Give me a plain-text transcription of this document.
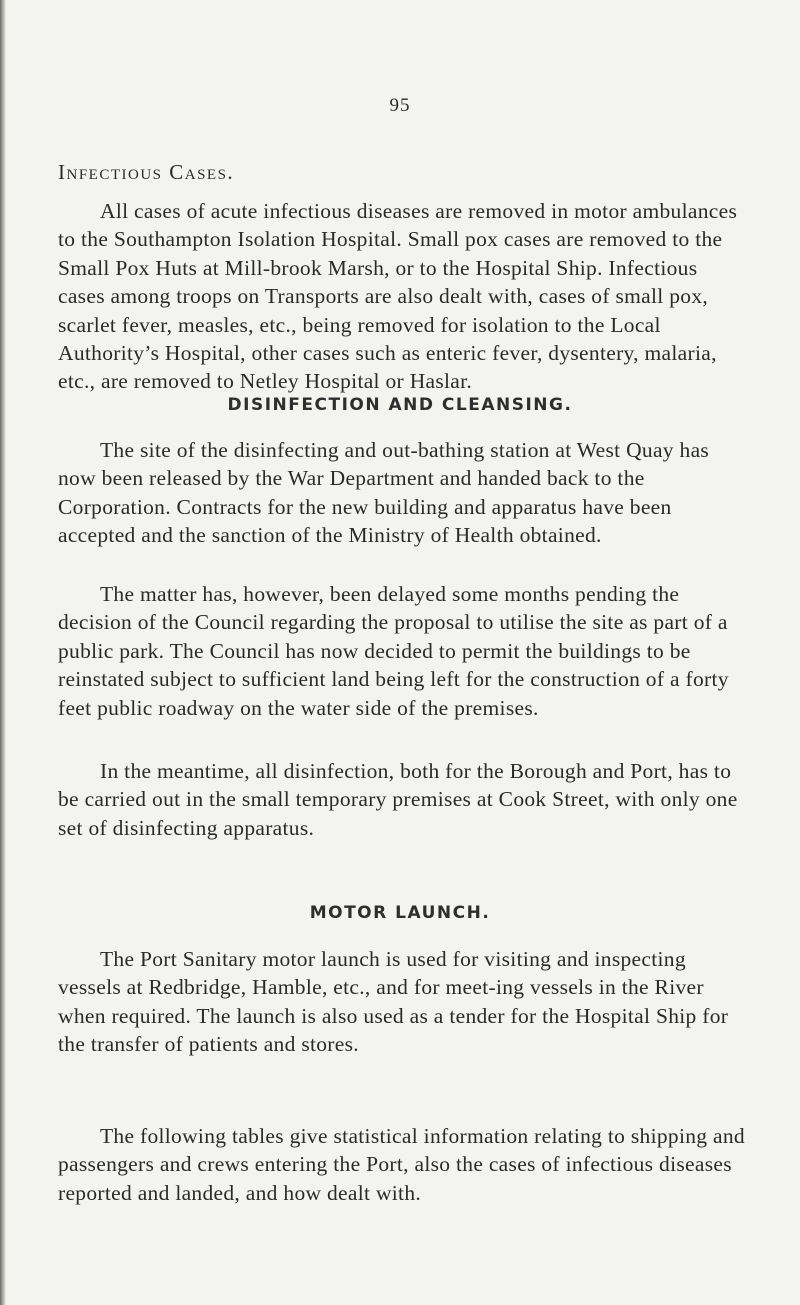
95
Infectious Cases.

All cases of acute infectious diseases are removed in motor ambulances to the Southampton Isolation Hospital. Small pox cases are removed to the Small Pox Huts at Mill-brook Marsh, or to the Hospital Ship. Infectious cases among troops on Transports are also dealt with, cases of small pox, scarlet fever, measles, etc., being removed for isolation to the Local Authority’s Hospital, other cases such as enteric fever, dysentery, malaria, etc., are removed to Netley Hospital or Haslar.

DISINFECTION AND CLEANSING.

The site of the disinfecting and out-bathing station at West Quay has now been released by the War Department and handed back to the Corporation. Contracts for the new building and apparatus have been accepted and the sanction of the Ministry of Health obtained.

The matter has, however, been delayed some months pending the decision of the Council regarding the proposal to utilise the site as part of a public park. The Council has now decided to permit the buildings to be reinstated subject to sufficient land being left for the construction of a forty feet public roadway on the water side of the premises.

In the meantime, all disinfection, both for the Borough and Port, has to be carried out in the small temporary premises at Cook Street, with only one set of disinfecting apparatus.

MOTOR LAUNCH.

The Port Sanitary motor launch is used for visiting and inspecting vessels at Redbridge, Hamble, etc., and for meet-ing vessels in the River when required. The launch is also used as a tender for the Hospital Ship for the transfer of patients and stores.

The following tables give statistical information relating to shipping and passengers and crews entering the Port, also the cases of infectious diseases reported and landed, and how dealt with.
